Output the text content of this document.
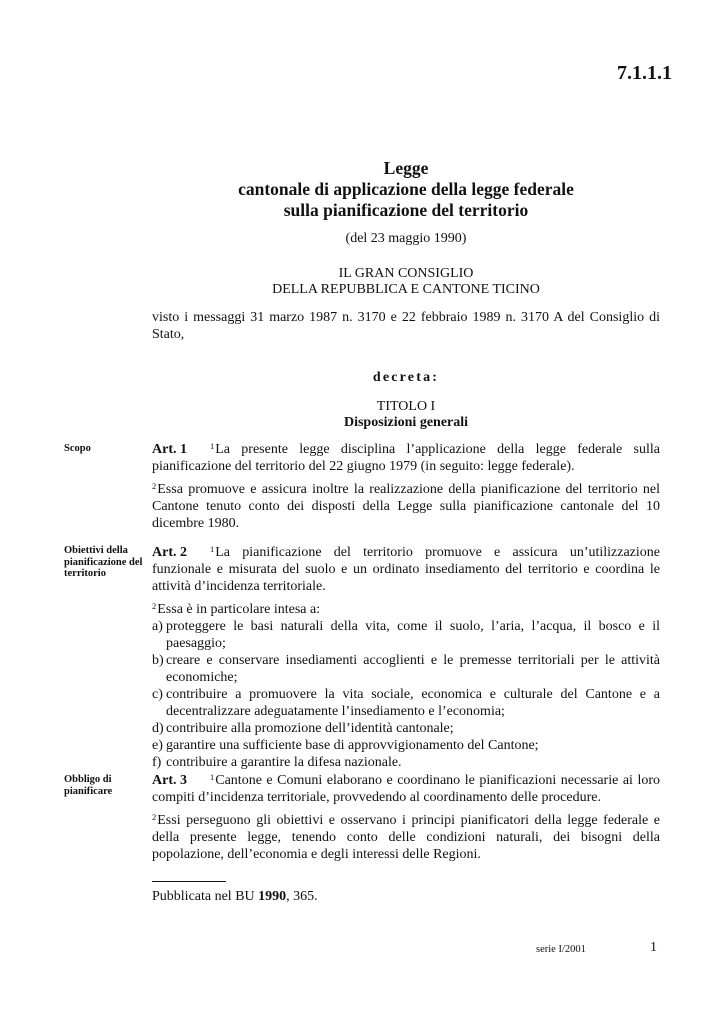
7.1.1.1
Legge
cantonale di applicazione della legge federale
sulla pianificazione del territorio
(del 23 maggio 1990)
IL GRAN CONSIGLIO
DELLA REPUBBLICA E CANTONE TICINO
visto i messaggi 31 marzo 1987 n. 3170 e 22 febbraio 1989 n. 3170 A del Consiglio di Stato,
decreta:
TITOLO I
Disposizioni generali
Scopo	Art. 1	$^1$La presente legge disciplina l’applicazione della legge federale sulla pianificazione del territorio del 22 giugno 1979 (in seguito: legge federale).
$^2$Essa promuove e assicura inoltre la realizzazione della pianificazione del territorio nel Cantone tenuto conto dei disposti della Legge sulla pianificazione cantonale del 10 dicembre 1980.
Obiettivi della pianificazione del territorio
Art. 2	$^1$La pianificazione del territorio promuove e assicura un’utilizzazione funzionale e misurata del suolo e un ordinato insediamento del territorio e coordina le attività d’incidenza territoriale.
$^2$Essa è in particolare intesa a:
a) proteggere le basi naturali della vita, come il suolo, l’aria, l’acqua, il bosco e il paesaggio;
b) creare e conservare insediamenti accoglienti e le premesse territoriali per le attività economiche;
c) contribuire a promuovere la vita sociale, economica e culturale del Cantone e a decentralizzare adeguatamente l’insediamento e l’economia;
d) contribuire alla promozione dell’identità cantonale;
e) garantire una sufficiente base di approvvigionamento del Cantone;
f) contribuire a garantire la difesa nazionale.
Obbligo di pianificare
Art. 3	$^1$Cantone e Comuni elaborano e coordinano le pianificazioni necessarie ai loro compiti d’incidenza territoriale, provvedendo al coordinamento delle procedure.
$^2$Essi perseguono gli obiettivi e osservano i principi pianificatori della legge federale e della presente legge, tenendo conto delle condizioni naturali, dei bisogni della popolazione, dell’economia e degli interessi delle Regioni.
Pubblicata nel BU 1990, 365.
serie I/2001	1
